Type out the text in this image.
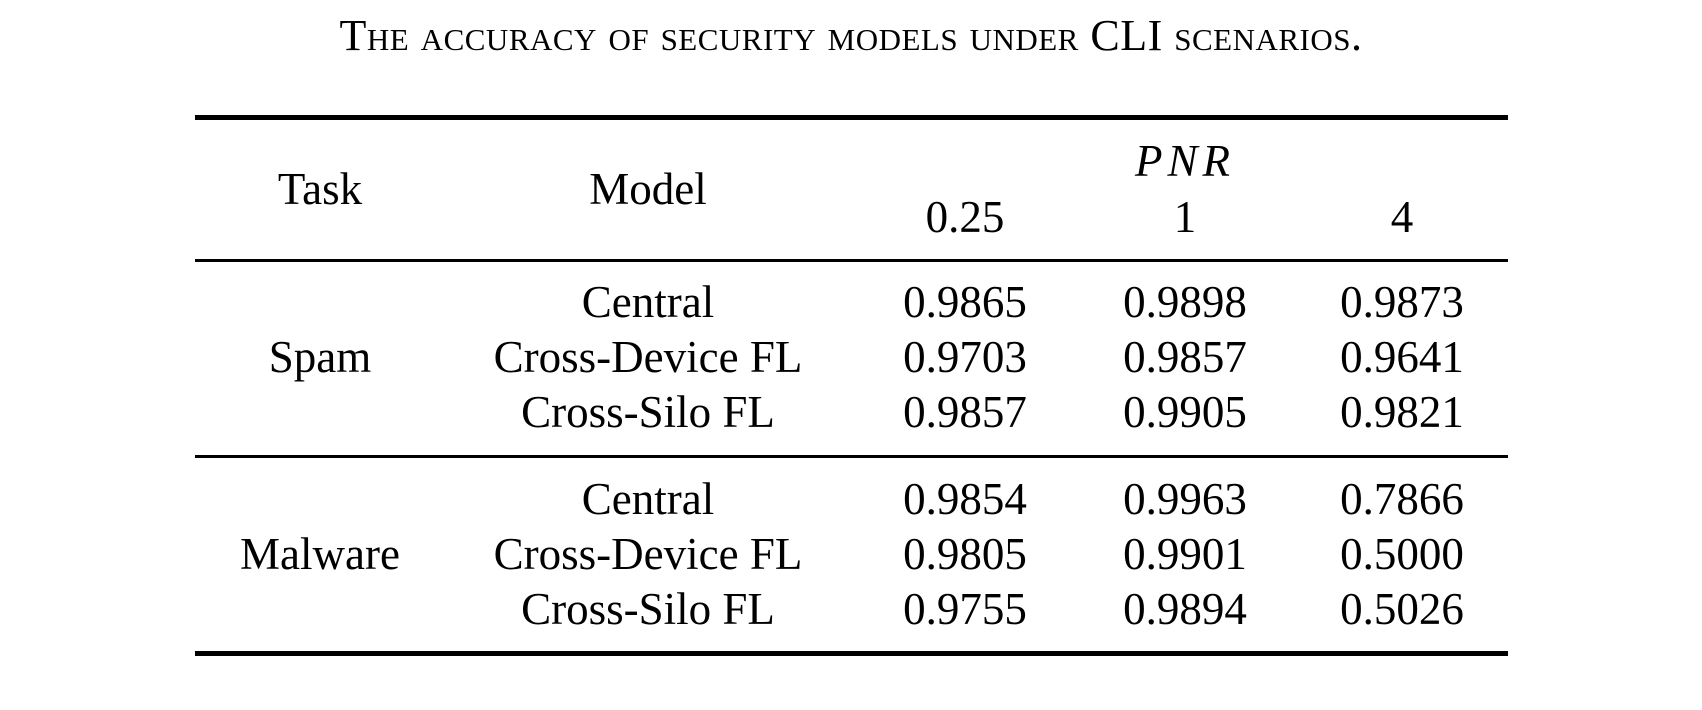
The accuracy of security models under CLI scenarios.
Task	Model
PNR
0.25	1	4
Spam
Central	0.9865	0.9898	0.9873
Cross-Device FL	0.9703	0.9857	0.9641
Cross-Silo FL	0.9857	0.9905	0.9821
Malware
Central	0.9854	0.9963	0.7866
Cross-Device FL	0.9805	0.9901	0.5000
Cross-Silo FL	0.9755	0.9894	0.5026
